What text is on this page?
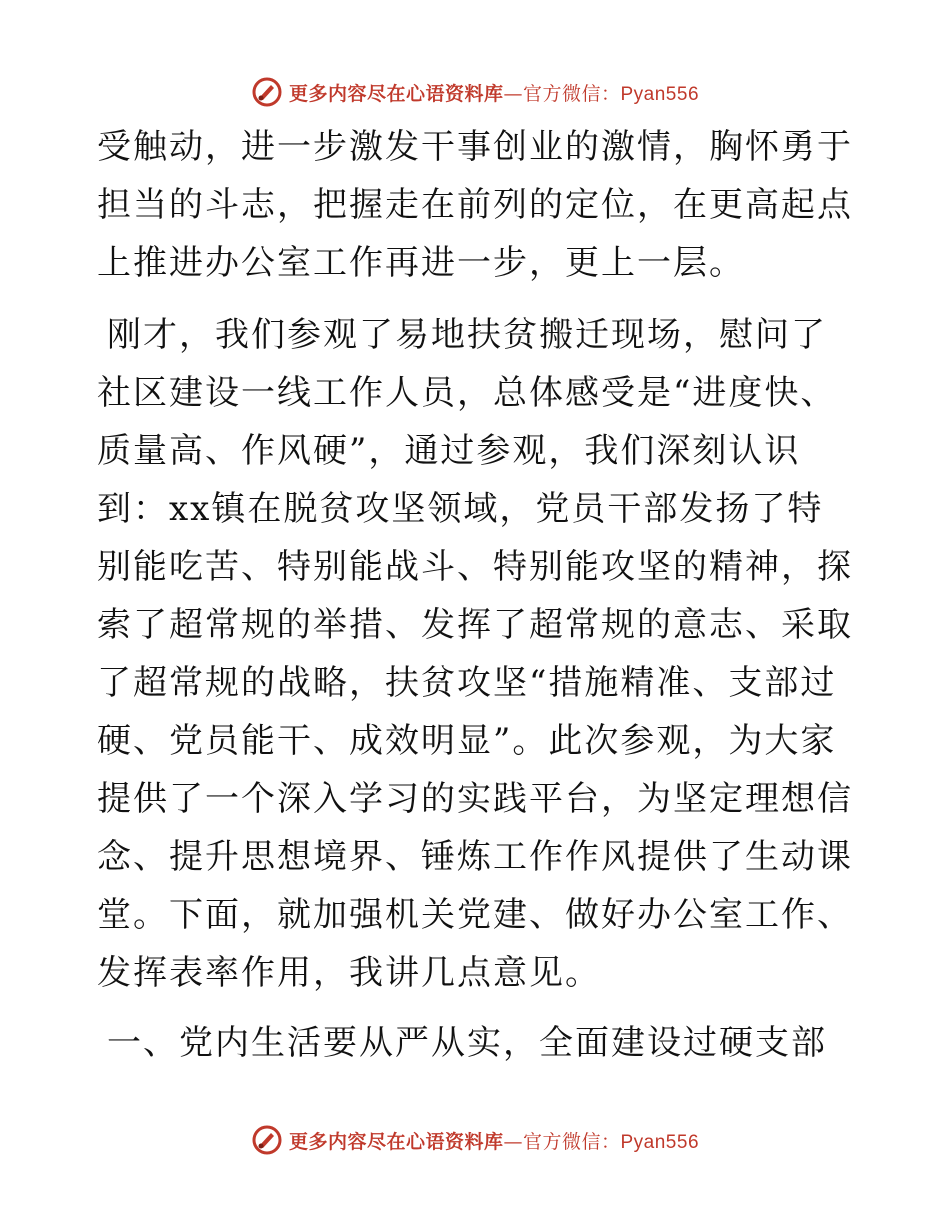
更多内容尽在心语资料库—官方微信：Pyan556

受触动，进一步激发干事创业的激情，胸怀勇于担当的斗志，把握走在前列的定位，在更高起点上推进办公室工作再进一步，更上一层。

刚才，我们参观了易地扶贫搬迁现场，慰问了社区建设一线工作人员，总体感受是“进度快、质量高、作风硬”，通过参观，我们深刻认识到：xx镇在脱贫攻坚领域，党员干部发扬了特别能吃苦、特别能战斗、特别能攻坚的精神，探索了超常规的举措、发挥了超常规的意志、采取了超常规的战略，扶贫攻坚“措施精准、支部过硬、党员能干、成效明显”。此次参观，为大家提供了一个深入学习的实践平台，为坚定理想信念、提升思想境界、锤炼工作作风提供了生动课堂。下面，就加强机关党建、做好办公室工作、发挥表率作用，我讲几点意见。

一、党内生活要从严从实，全面建设过硬支部

更多内容尽在心语资料库—官方微信：Pyan556
